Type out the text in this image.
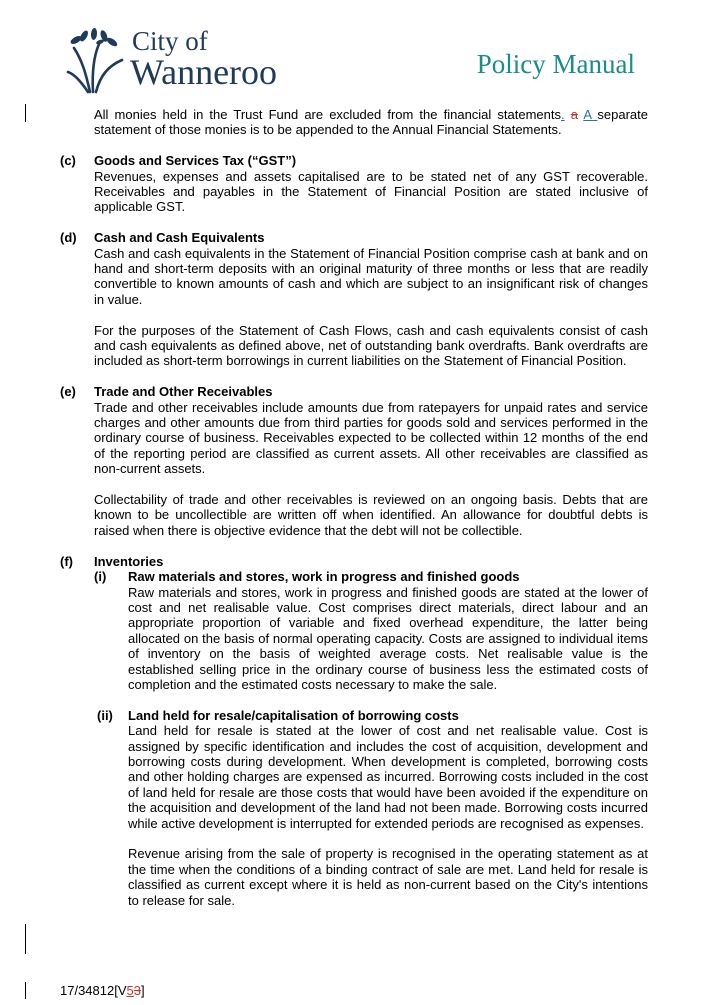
City of
Wanneroo	Policy Manual

All monies held in the Trust Fund are excluded from the financial statements. a A separate statement of those monies is to be appended to the Annual Financial Statements.

(c) Goods and Services Tax (“GST”)

Revenues, expenses and assets capitalised are to be stated net of any GST recoverable. Receivables and payables in the Statement of Financial Position are stated inclusive of applicable GST.

(d) Cash and Cash Equivalents

Cash and cash equivalents in the Statement of Financial Position comprise cash at bank and on hand and short-term deposits with an original maturity of three months or less that are readily convertible to known amounts of cash and which are subject to an insignificant risk of changes in value.

For the purposes of the Statement of Cash Flows, cash and cash equivalents consist of cash and cash equivalents as defined above, net of outstanding bank overdrafts. Bank overdrafts are included as short-term borrowings in current liabilities on the Statement of Financial Position.

(e) Trade and Other Receivables

Trade and other receivables include amounts due from ratepayers for unpaid rates and service charges and other amounts due from third parties for goods sold and services performed in the ordinary course of business. Receivables expected to be collected within 12 months of the end of the reporting period are classified as current assets. All other receivables are classified as non-current assets.

Collectability of trade and other receivables is reviewed on an ongoing basis. Debts that are known to be uncollectible are written off when identified. An allowance for doubtful debts is raised when there is objective evidence that the debt will not be collectible.

(f) Inventories

(i) Raw materials and stores, work in progress and finished goods

Raw materials and stores, work in progress and finished goods are stated at the lower of cost and net realisable value. Cost comprises direct materials, direct labour and an appropriate proportion of variable and fixed overhead expenditure, the latter being allocated on the basis of normal operating capacity. Costs are assigned to individual items of inventory on the basis of weighted average costs. Net realisable value is the established selling price in the ordinary course of business less the estimated costs of completion and the estimated costs necessary to make the sale.

(ii) Land held for resale/capitalisation of borrowing costs

Land held for resale is stated at the lower of cost and net realisable value. Cost is assigned by specific identification and includes the cost of acquisition, development and borrowing costs during development. When development is completed, borrowing costs and other holding charges are expensed as incurred. Borrowing costs included in the cost of land held for resale are those costs that would have been avoided if the expenditure on the acquisition and development of the land had not been made. Borrowing costs incurred while active development is interrupted for extended periods are recognised as expenses.

Revenue arising from the sale of property is recognised in the operating statement as at the time when the conditions of a binding contract of sale are met. Land held for resale is classified as current except where it is held as non-current based on the City's intentions to release for sale.

17/34812[V53]
